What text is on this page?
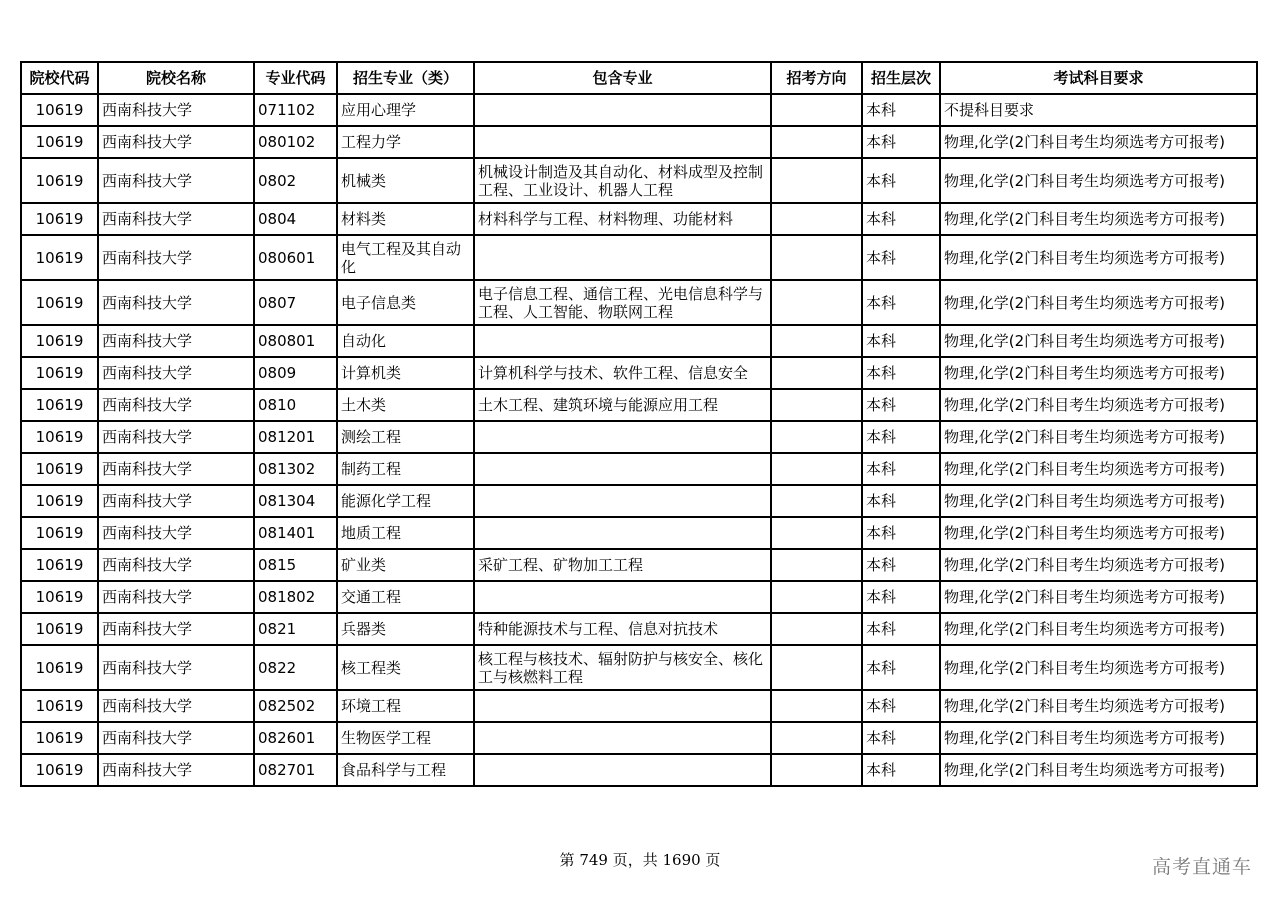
院校代码	院校名称	专业代码	招生专业（类）	包含专业	招考方向	招生层次	考试科目要求
10619	西南科技大学	071102	应用心理学			本科	不提科目要求
10619	西南科技大学	080102	工程力学			本科	物理,化学(2门科目考生均须选考方可报考)
10619	西南科技大学	0802	机械类	机械设计制造及其自动化、材料成型及控制工程、工业设计、机器人工程		本科	物理,化学(2门科目考生均须选考方可报考)
10619	西南科技大学	0804	材料类	材料科学与工程、材料物理、功能材料		本科	物理,化学(2门科目考生均须选考方可报考)
10619	西南科技大学	080601	电气工程及其自动化			本科	物理,化学(2门科目考生均须选考方可报考)
10619	西南科技大学	0807	电子信息类	电子信息工程、通信工程、光电信息科学与工程、人工智能、物联网工程		本科	物理,化学(2门科目考生均须选考方可报考)
10619	西南科技大学	080801	自动化			本科	物理,化学(2门科目考生均须选考方可报考)
10619	西南科技大学	0809	计算机类	计算机科学与技术、软件工程、信息安全		本科	物理,化学(2门科目考生均须选考方可报考)
10619	西南科技大学	0810	土木类	土木工程、建筑环境与能源应用工程		本科	物理,化学(2门科目考生均须选考方可报考)
10619	西南科技大学	081201	测绘工程			本科	物理,化学(2门科目考生均须选考方可报考)
10619	西南科技大学	081302	制药工程			本科	物理,化学(2门科目考生均须选考方可报考)
10619	西南科技大学	081304	能源化学工程			本科	物理,化学(2门科目考生均须选考方可报考)
10619	西南科技大学	081401	地质工程			本科	物理,化学(2门科目考生均须选考方可报考)
10619	西南科技大学	0815	矿业类	采矿工程、矿物加工工程		本科	物理,化学(2门科目考生均须选考方可报考)
10619	西南科技大学	081802	交通工程			本科	物理,化学(2门科目考生均须选考方可报考)
10619	西南科技大学	0821	兵器类	特种能源技术与工程、信息对抗技术		本科	物理,化学(2门科目考生均须选考方可报考)
10619	西南科技大学	0822	核工程类	核工程与核技术、辐射防护与核安全、核化工与核燃料工程		本科	物理,化学(2门科目考生均须选考方可报考)
10619	西南科技大学	082502	环境工程			本科	物理,化学(2门科目考生均须选考方可报考)
10619	西南科技大学	082601	生物医学工程			本科	物理,化学(2门科目考生均须选考方可报考)
10619	西南科技大学	082701	食品科学与工程			本科	物理,化学(2门科目考生均须选考方可报考)
第 749 页，共 1690 页	高考直通车
